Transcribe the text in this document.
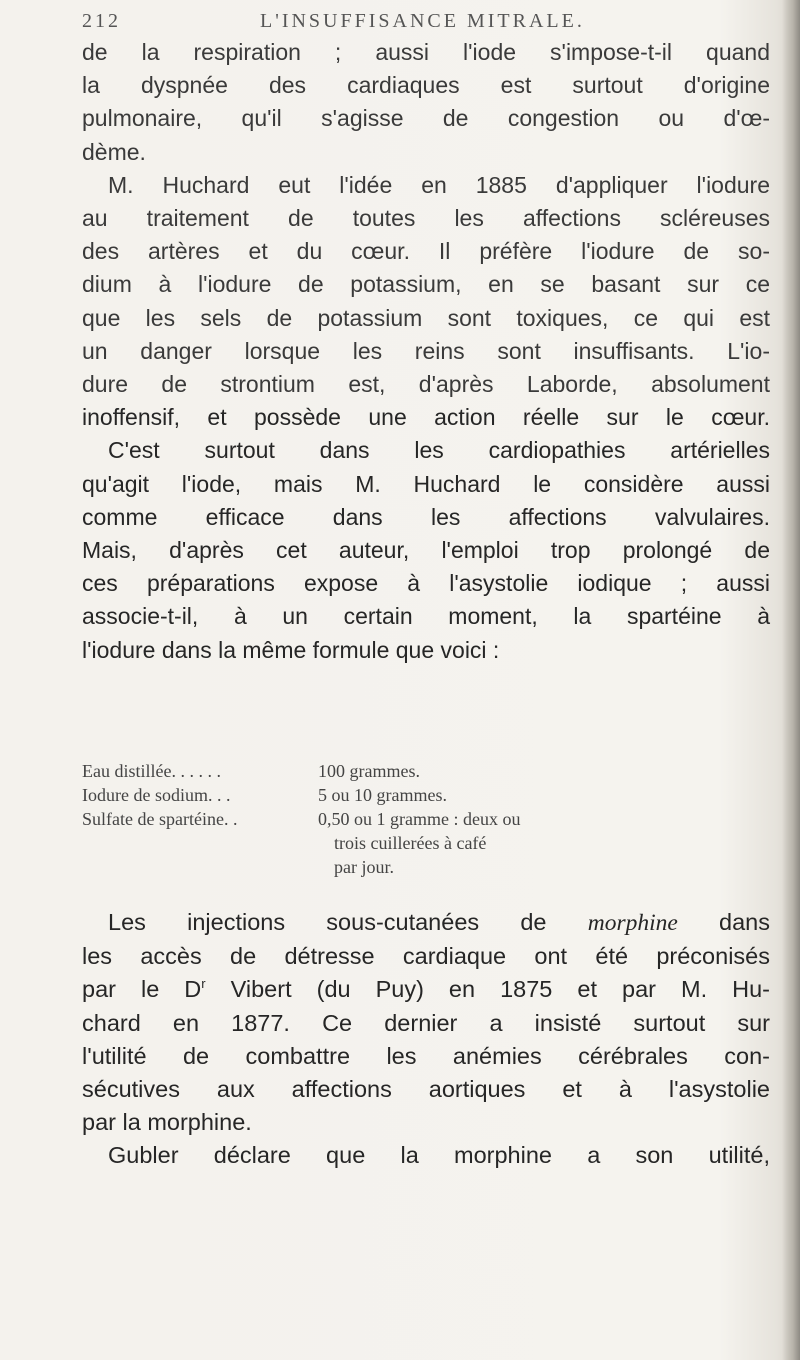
212	L'INSUFFISANCE MITRALE.

de la respiration ; aussi l'iode s'impose-t-il quand

la dyspnée des cardiaques est surtout d'origine

pulmonaire, qu'il s'agisse de congestion ou d'œ-

dème.

M. Huchard eut l'idée en 1885 d'appliquer l'iodure

au traitement de toutes les affections scléreuses

des artères et du cœur. Il préfère l'iodure de so-

dium à l'iodure de potassium, en se basant sur ce

que les sels de potassium sont toxiques, ce qui est

un danger lorsque les reins sont insuffisants. L'io-

dure de strontium est, d'après Laborde, absolument

inoffensif, et possède une action réelle sur le cœur.

C'est surtout dans les cardiopathies artérielles

qu'agit l'iode, mais M. Huchard le considère aussi

comme efficace dans les affections valvulaires.

Mais, d'après cet auteur, l'emploi trop prolongé de

ces préparations expose à l'asystolie iodique ; aussi

associe-t-il, à un certain moment, la spartéine à

l'iodure dans la même formule que voici :

Eau distillée. . . . . .	100 grammes.
Iodure de sodium. . .	5 ou 10 grammes.
Sulfate de spartéine. .	0,50 ou 1 gramme : deux ou
trois cuillerées à café
par jour.

Les injections sous-cutanées de morphine dans

les accès de détresse cardiaque ont été préconisés

par le $D^r$ Vibert (du Puy) en 1875 et par M. Hu-

chard en 1877. Ce dernier a insisté surtout sur

l'utilité de combattre les anémies cérébrales con-

sécutives aux affections aortiques et à l'asystolie

par la morphine.

Gubler déclare que la morphine a son utilité,
